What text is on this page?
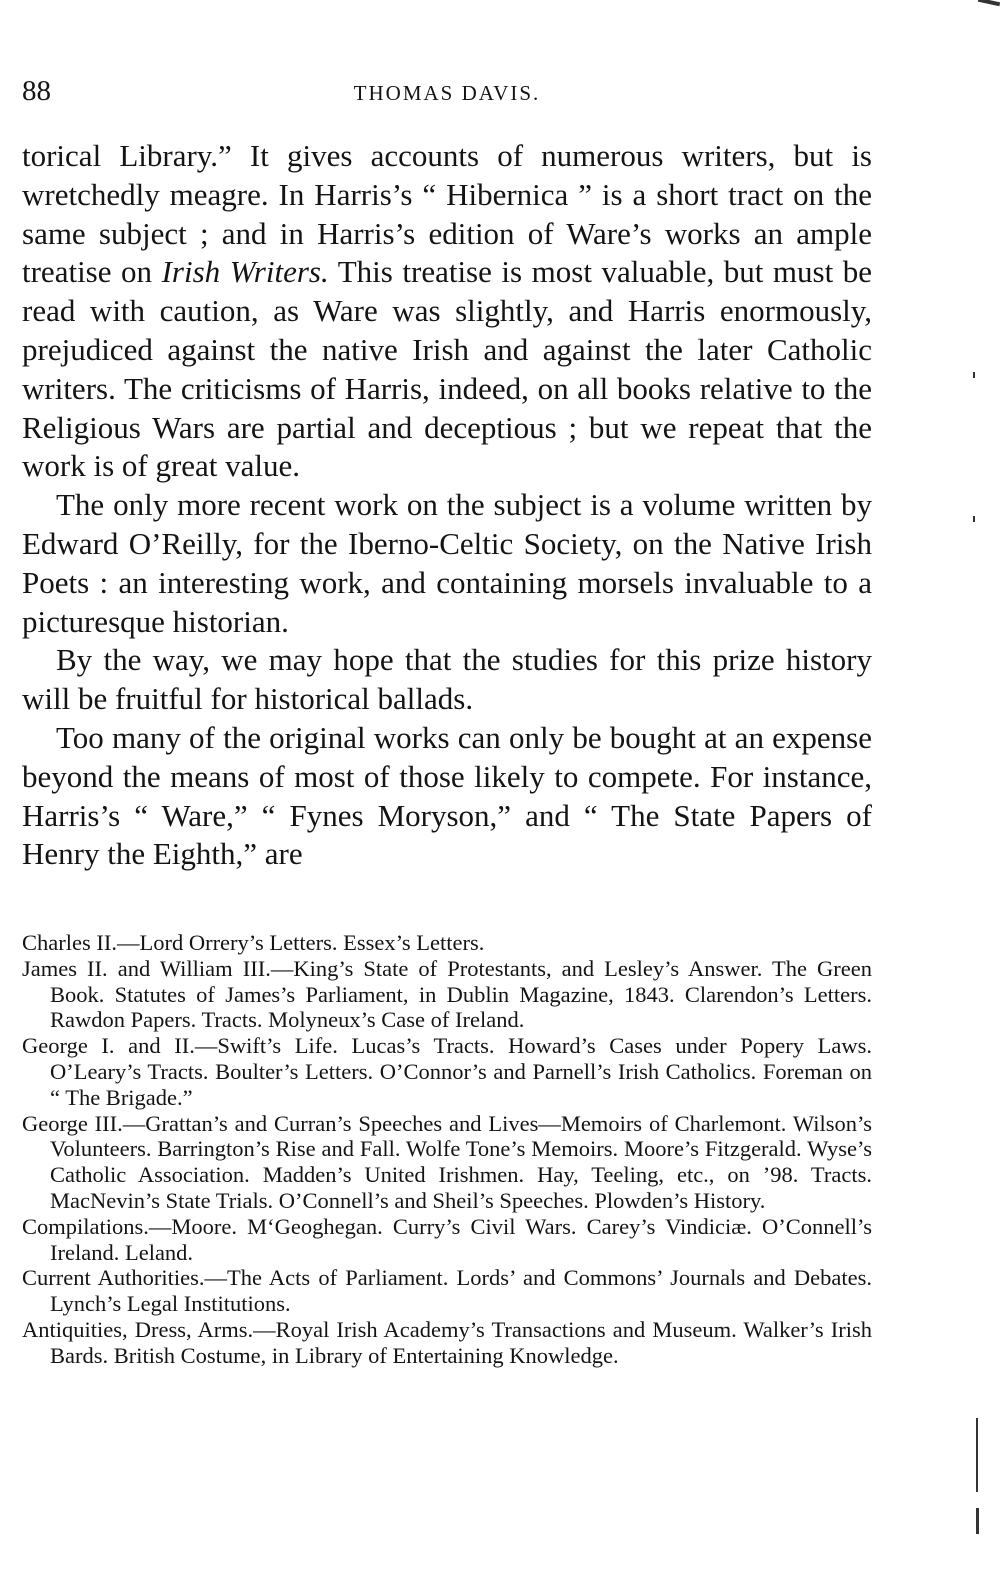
88	THOMAS DAVIS.

torical Library.” It gives accounts of numerous writers, but is wretchedly meagre. In Harris’s “ Hibernica ” is a short tract on the same subject ; and in Harris’s edition of Ware’s works an ample treatise on Irish Writers. This treatise is most valuable, but must be read with caution, as Ware was slightly, and Harris enormously, prejudiced against the native Irish and against the later Catholic writers. The criticisms of Harris, indeed, on all books relative to the Religious Wars are partial and deceptious ; but we repeat that the work is of great value.

The only more recent work on the subject is a volume written by Edward O’Reilly, for the Iberno-Celtic Society, on the Native Irish Poets : an interesting work, and containing morsels invaluable to a picturesque historian.

By the way, we may hope that the studies for this prize history will be fruitful for historical ballads.

Too many of the original works can only be bought at an expense beyond the means of most of those likely to compete. For instance, Harris’s “ Ware,” “ Fynes Moryson,” and “ The State Papers of Henry the Eighth,” are

Charles II.—Lord Orrery’s Letters. Essex’s Letters.

James II. and William III.—King’s State of Protestants, and Lesley’s Answer. The Green Book. Statutes of James’s Parliament, in Dublin Magazine, 1843. Clarendon’s Letters. Rawdon Papers. Tracts. Molyneux’s Case of Ireland.

George I. and II.—Swift’s Life. Lucas’s Tracts. Howard’s Cases under Popery Laws. O’Leary’s Tracts. Boulter’s Letters. O’Connor’s and Parnell’s Irish Catholics. Foreman on “ The Brigade.”

George III.—Grattan’s and Curran’s Speeches and Lives—Memoirs of Charlemont. Wilson’s Volunteers. Barrington’s Rise and Fall. Wolfe Tone’s Memoirs. Moore’s Fitzgerald. Wyse’s Catholic Association. Madden’s United Irishmen. Hay, Teeling, etc., on ’98. Tracts. MacNevin’s State Trials. O’Connell’s and Sheil’s Speeches. Plowden’s History.

Compilations.—Moore. M‘Geoghegan. Curry’s Civil Wars. Carey’s Vindiciæ. O’Connell’s Ireland. Leland.

Current Authorities.—The Acts of Parliament. Lords’ and Commons’ Journals and Debates. Lynch’s Legal Institutions.

Antiquities, Dress, Arms.—Royal Irish Academy’s Transactions and Museum. Walker’s Irish Bards. British Costume, in Library of Entertaining Knowledge.
